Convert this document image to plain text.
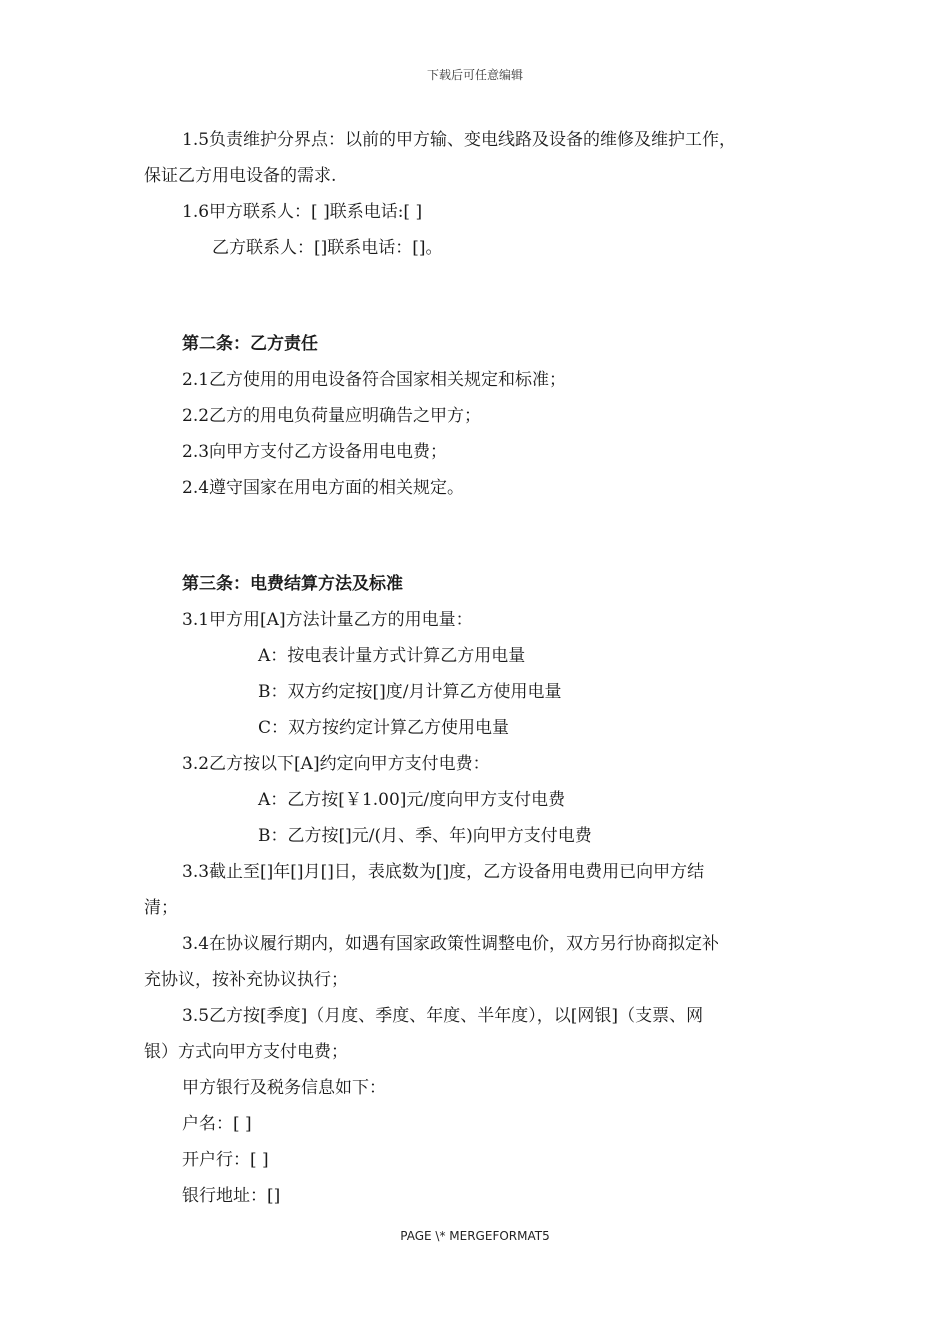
下载后可任意编辑
1.5负责维护分界点：以前的甲方输、变电线路及设备的维修及维护工作，
保证乙方用电设备的需求.
1.6甲方联系人：[ ]联系电话:[ ]
乙方联系人：[]联系电话：[]。
第二条：乙方责任
2.1乙方使用的用电设备符合国家相关规定和标准；
2.2乙方的用电负荷量应明确告之甲方；
2.3向甲方支付乙方设备用电电费；
2.4遵守国家在用电方面的相关规定。
第三条：电费结算方法及标准
3.1甲方用[A]方法计量乙方的用电量：
A：按电表计量方式计算乙方用电量
B：双方约定按[]度/月计算乙方使用电量
C：双方按约定计算乙方使用电量
3.2乙方按以下[A]约定向甲方支付电费：
A：乙方按[￥1.00]元/度向甲方支付电费
B：乙方按[]元/(月、季、年)向甲方支付电费
3.3截止至[]年[]月[]日，表底数为[]度，乙方设备用电费用已向甲方结
清；
3.4在协议履行期内，如遇有国家政策性调整电价，双方另行协商拟定补
充协议，按补充协议执行；
3.5乙方按[季度]（月度、季度、年度、半年度），以[网银]（支票、网
银）方式向甲方支付电费；
甲方银行及税务信息如下：
户名：[ ]
开户行：[ ]
银行地址：[]
PAGE \* MERGEFORMAT5
